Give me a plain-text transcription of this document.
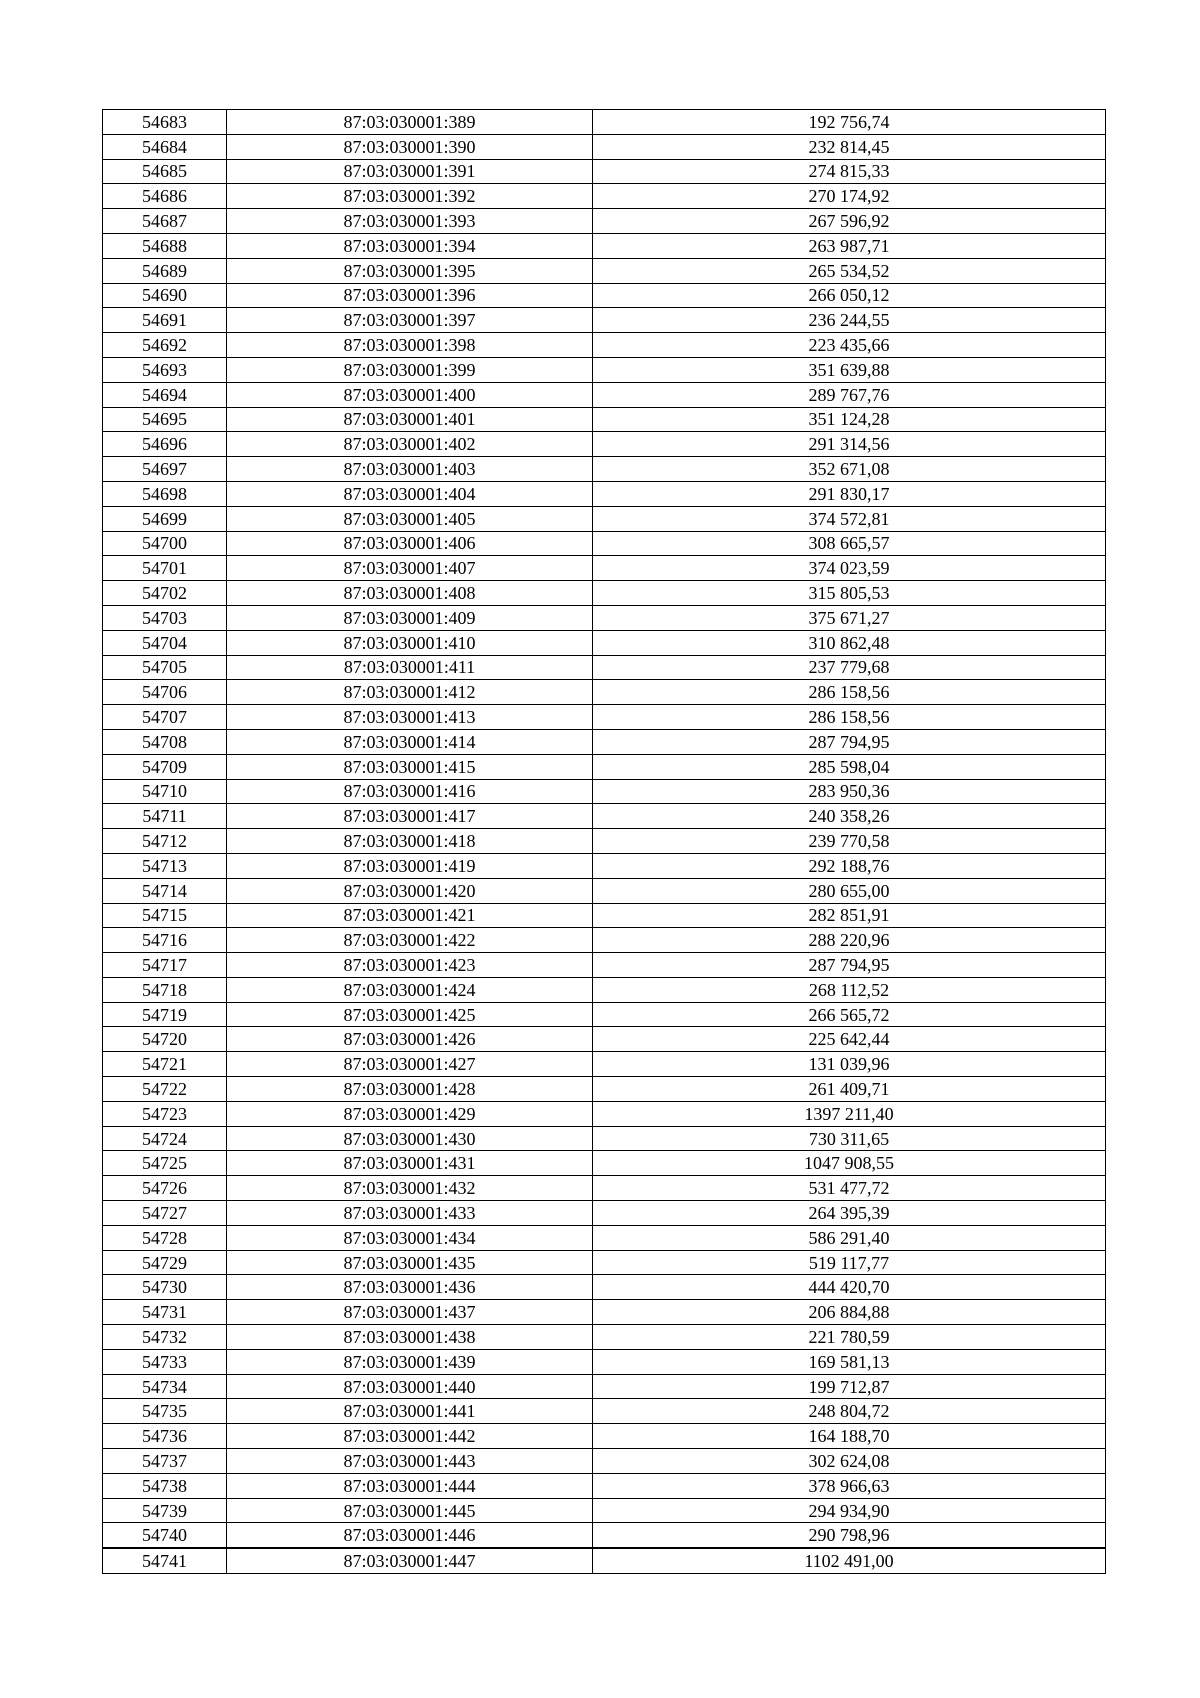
54683	87:03:030001:389	192 756,74
54684	87:03:030001:390	232 814,45
54685	87:03:030001:391	274 815,33
54686	87:03:030001:392	270 174,92
54687	87:03:030001:393	267 596,92
54688	87:03:030001:394	263 987,71
54689	87:03:030001:395	265 534,52
54690	87:03:030001:396	266 050,12
54691	87:03:030001:397	236 244,55
54692	87:03:030001:398	223 435,66
54693	87:03:030001:399	351 639,88
54694	87:03:030001:400	289 767,76
54695	87:03:030001:401	351 124,28
54696	87:03:030001:402	291 314,56
54697	87:03:030001:403	352 671,08
54698	87:03:030001:404	291 830,17
54699	87:03:030001:405	374 572,81
54700	87:03:030001:406	308 665,57
54701	87:03:030001:407	374 023,59
54702	87:03:030001:408	315 805,53
54703	87:03:030001:409	375 671,27
54704	87:03:030001:410	310 862,48
54705	87:03:030001:411	237 779,68
54706	87:03:030001:412	286 158,56
54707	87:03:030001:413	286 158,56
54708	87:03:030001:414	287 794,95
54709	87:03:030001:415	285 598,04
54710	87:03:030001:416	283 950,36
54711	87:03:030001:417	240 358,26
54712	87:03:030001:418	239 770,58
54713	87:03:030001:419	292 188,76
54714	87:03:030001:420	280 655,00
54715	87:03:030001:421	282 851,91
54716	87:03:030001:422	288 220,96
54717	87:03:030001:423	287 794,95
54718	87:03:030001:424	268 112,52
54719	87:03:030001:425	266 565,72
54720	87:03:030001:426	225 642,44
54721	87:03:030001:427	131 039,96
54722	87:03:030001:428	261 409,71
54723	87:03:030001:429	1397 211,40
54724	87:03:030001:430	730 311,65
54725	87:03:030001:431	1047 908,55
54726	87:03:030001:432	531 477,72
54727	87:03:030001:433	264 395,39
54728	87:03:030001:434	586 291,40
54729	87:03:030001:435	519 117,77
54730	87:03:030001:436	444 420,70
54731	87:03:030001:437	206 884,88
54732	87:03:030001:438	221 780,59
54733	87:03:030001:439	169 581,13
54734	87:03:030001:440	199 712,87
54735	87:03:030001:441	248 804,72
54736	87:03:030001:442	164 188,70
54737	87:03:030001:443	302 624,08
54738	87:03:030001:444	378 966,63
54739	87:03:030001:445	294 934,90
54740	87:03:030001:446	290 798,96
54741	87:03:030001:447	1102 491,00
